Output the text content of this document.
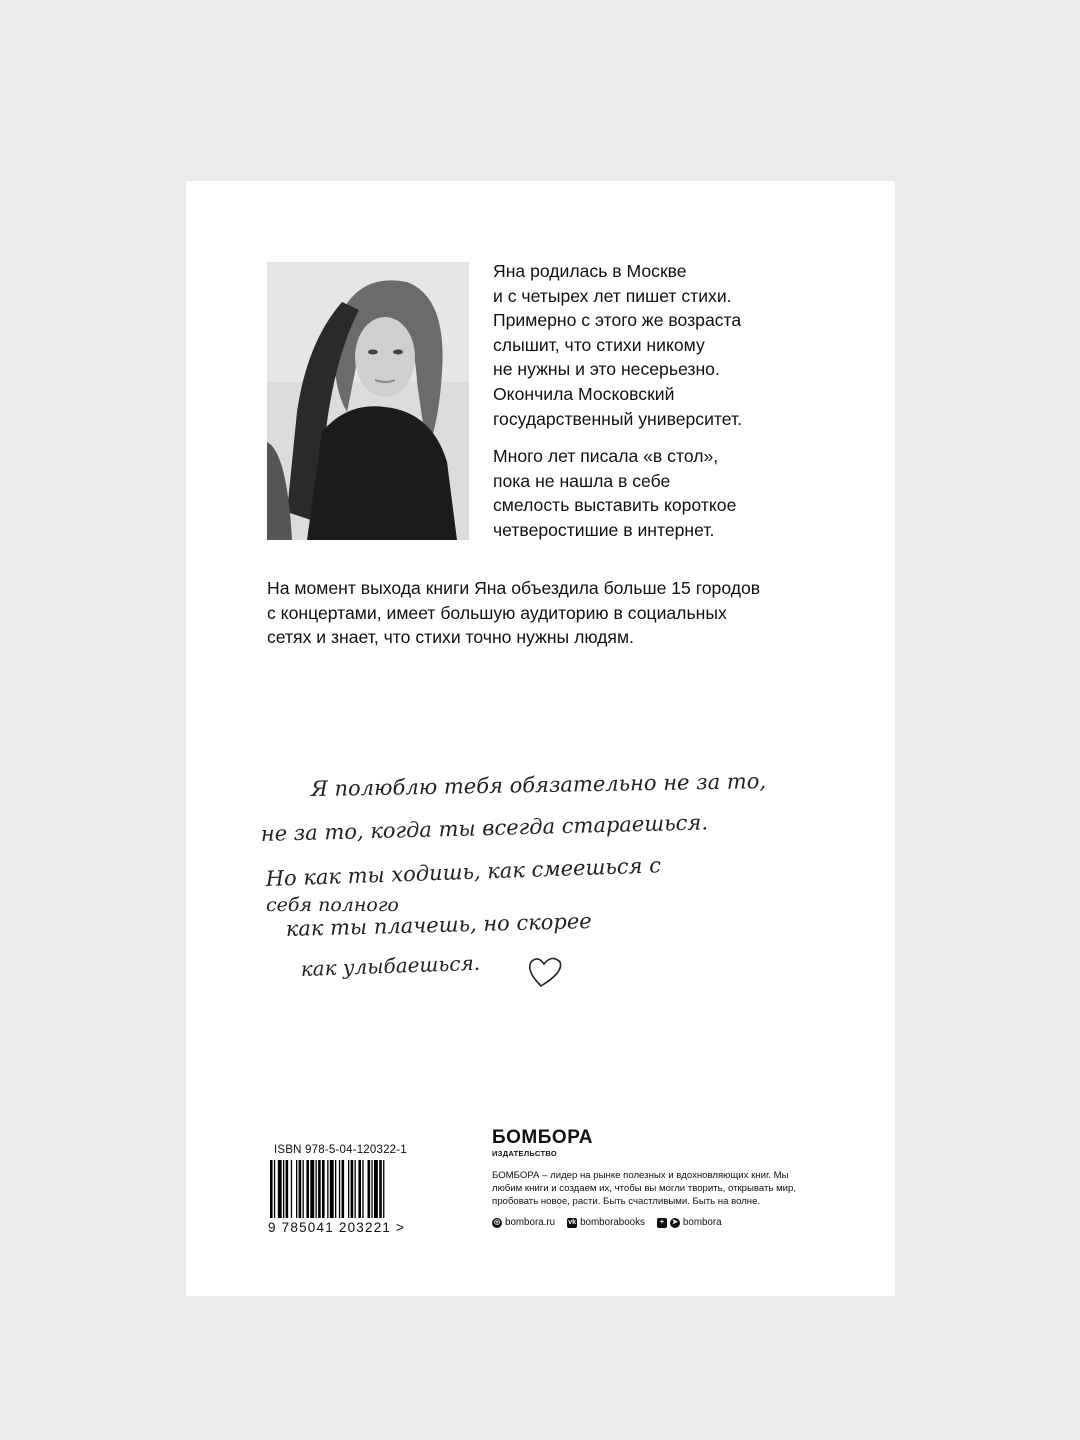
Яна родилась в Москве
и с четырех лет пишет стихи.
Примерно с этого же возраста
слышит, что стихи никому
не нужны и это несерьезно.
Окончила Московский
государственный университет.

Много лет писала «в стол»,
пока не нашла в себе
смелость выставить короткое
четверостишие в интернет.

На момент выхода книги Яна объездила больше 15 городов
с концертами, имеет большую аудиторию в социальных
сетях и знает, что стихи точно нужны людям.

Я полюблю тебя обязательно не за то,
не за то, когда ты всегда стараешься.
Но как ты ходишь, как смеешься с
себя полного
как ты плачешь, но скорее
как улыбаешься.
ISBN 978-5-04-120322-1
9 785041 203221 >
БОМБОРА
ИЗДАТЕЛЬСТВО
БОМБОРА – лидер на рынке полезных и вдохновляющих книг. Мы любим книги и создаем их, чтобы вы могли творить, открывать мир, пробовать новое, расти. Быть счастливыми. Быть на волне.
◎ bombora.ru vk bomborabooks	+	➤ bombora
